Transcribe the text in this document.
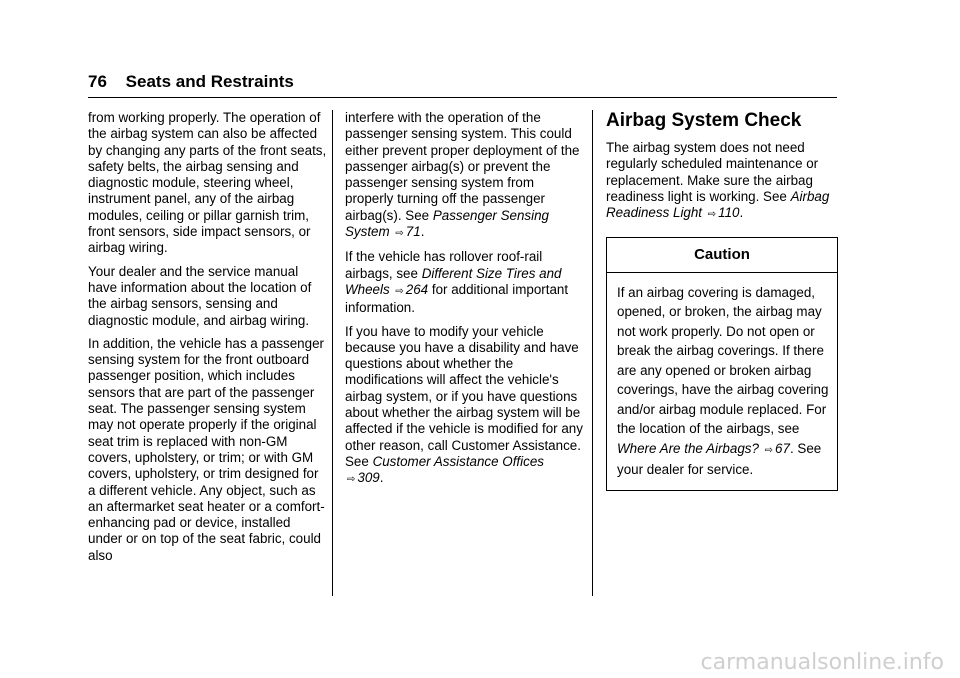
76 Seats and Restraints

from working properly. The operation of the airbag system can also be affected by changing any parts of the front seats, safety belts, the airbag sensing and diagnostic module, steering wheel, instrument panel, any of the airbag modules, ceiling or pillar garnish trim, front sensors, side impact sensors, or airbag wiring.

Your dealer and the service manual have information about the location of the airbag sensors, sensing and diagnostic module, and airbag wiring.

In addition, the vehicle has a passenger sensing system for the front outboard passenger position, which includes sensors that are part of the passenger seat. The passenger sensing system may not operate properly if the original seat trim is replaced with non-GM covers, upholstery, or trim; or with GM covers, upholstery, or trim designed for a different vehicle. Any object, such as an aftermarket seat heater or a comfort-enhancing pad or device, installed under or on top of the seat fabric, could also

interfere with the operation of the passenger sensing system. This could either prevent proper deployment of the passenger airbag(s) or prevent the passenger sensing system from properly turning off the passenger airbag(s). See Passenger Sensing System ⇨ 71.

If the vehicle has rollover roof-rail airbags, see Different Size Tires and Wheels ⇨ 264 for additional important information.

If you have to modify your vehicle because you have a disability and have questions about whether the modifications will affect the vehicle's airbag system, or if you have questions about whether the airbag system will be affected if the vehicle is modified for any other reason, call Customer Assistance. See Customer Assistance Offices ⇨ 309.

Airbag System Check

The airbag system does not need regularly scheduled maintenance or replacement. Make sure the airbag readiness light is working. See Airbag Readiness Light ⇨ 110.

Caution
If an airbag covering is damaged, opened, or broken, the airbag may not work properly. Do not open or break the airbag coverings. If there are any opened or broken airbag coverings, have the airbag covering and/or airbag module replaced. For the location of the airbags, see Where Are the Airbags? ⇨ 67. See your dealer for service.
carmanualsonline.info
